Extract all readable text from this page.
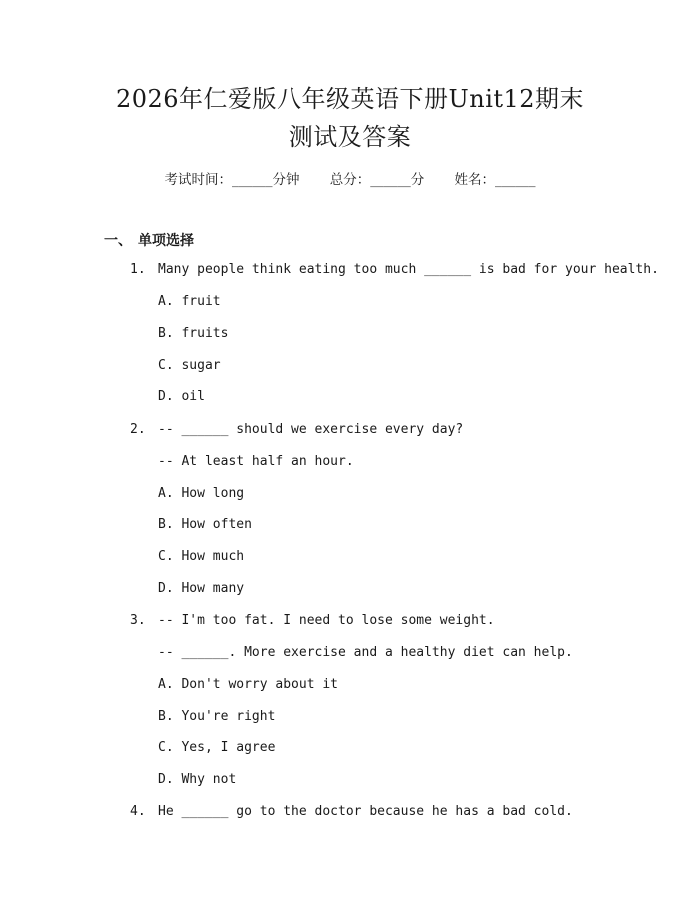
2026年仁爱版八年级英语下册Unit12期末
测试及答案
考试时间：______分钟 总分：______分 姓名：______
一、 单项选择
1. Many people think eating too much ______ is bad for your health.
A. fruit
B. fruits
C. sugar
D. oil
2. -- ______ should we exercise every day?
-- At least half an hour.
A. How long
B. How often
C. How much
D. How many
3. -- I'm too fat. I need to lose some weight.
-- ______. More exercise and a healthy diet can help.
A. Don't worry about it
B. You're right
C. Yes, I agree
D. Why not
4. He ______ go to the doctor because he has a bad cold.
